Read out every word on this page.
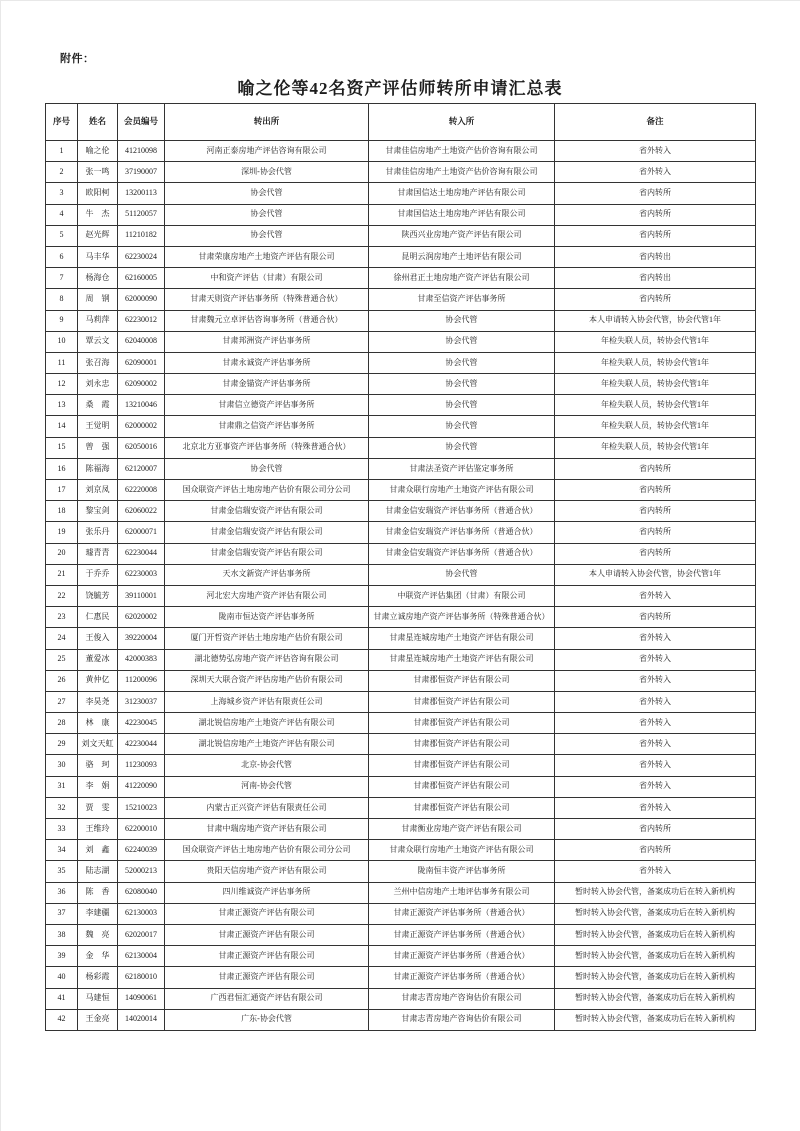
附件：
喻之伦等42名资产评估师转所申请汇总表
序号	姓名	会员编号	转出所	转入所	备注
1	喻之伦	41210098	河南正泰房地产评估咨询有限公司	甘肃佳信房地产土地资产估价咨询有限公司	省外转入
2	张一鸣	37190007	深圳-协会代管	甘肃佳信房地产土地资产估价咨询有限公司	省外转入
3	欧阳柯	13200113	协会代管	甘肃国信达土地房地产评估有限公司	省内转所
4	牛　杰	51120057	协会代管	甘肃国信达土地房地产评估有限公司	省内转所
5	赵光辉	11210182	协会代管	陕西兴业房地产资产评估有限公司	省内转所
6	马丰华	62230024	甘肃荣康房地产土地资产评估有限公司	昆明云润房地产土地评估有限公司	省内转出
7	杨海仓	62160005	中和资产评估（甘肃）有限公司	徐州君正土地房地产资产评估有限公司	省内转出
8	周　钢	62000090	甘肃天则资产评估事务所（特殊普通合伙）	甘肃至信资产评估事务所	省内转所
9	马莉萍	62230012	甘肃魏元立卓评估咨询事务所（普通合伙）	协会代管	本人申请转入协会代管，协会代管1年
10	覃云文	62040008	甘肃邦洲资产评估事务所	协会代管	年检失联人员，转协会代管1年
11	张召海	62090001	甘肃永诚资产评估事务所	协会代管	年检失联人员，转协会代管1年
12	刘永忠	62090002	甘肃金锚资产评估事务所	协会代管	年检失联人员，转协会代管1年
13	桑　霞	13210046	甘肃信立德资产评估事务所	协会代管	年检失联人员，转协会代管1年
14	王觉明	62000002	甘肃鼎之信资产评估事务所	协会代管	年检失联人员，转协会代管1年
15	曾　强	62050016	北京北方亚事资产评估事务所（特殊普通合伙）	协会代管	年检失联人员，转协会代管1年
16	陈福海	62120007	协会代管	甘肃法圣资产评估鉴定事务所	省内转所
17	刘京凤	62220008	国众联资产评估土地房地产估价有限公司分公司	甘肃众联行房地产土地资产评估有限公司	省内转所
18	黎宝剑	62060022	甘肃金信瑞安资产评估有限公司	甘肃金信安瑞资产评估事务所（普通合伙）	省内转所
19	张乐丹	62000071	甘肃金信瑞安资产评估有限公司	甘肃金信安瑞资产评估事务所（普通合伙）	省内转所
20	璩青青	62230044	甘肃金信瑞安资产评估有限公司	甘肃金信安瑞资产评估事务所（普通合伙）	省内转所
21	于乔乔	62230003	天水文新资产评估事务所	协会代管	本人申请转入协会代管，协会代管1年
22	饶毓芳	39110001	河北宏大房地产资产评估有限公司	中联资产评估集团（甘肃）有限公司	省外转入
23	仁惠民	62020002	陇南市恒达资产评估事务所	甘肃立诚房地产资产评估事务所（特殊普通合伙）	省内转所
24	王俊入	39220004	厦门开哲资产评估土地房地产估价有限公司	甘肃星连城房地产土地资产评估有限公司	省外转入
25	董爱冰	42000383	湖北德势弘房地产资产评估咨询有限公司	甘肃星连城房地产土地资产评估有限公司	省外转入
26	黄仲亿	11200096	深圳天大联合资产评估房地产估价有限公司	甘肃郡恒资产评估有限公司	省外转入
27	李昊尧	31230037	上海城乡资产评估有限责任公司	甘肃郡恒资产评估有限公司	省外转入
28	林　康	42230045	湖北锐信房地产土地资产评估有限公司	甘肃郡恒资产评估有限公司	省外转入
29	刘文天虹	42230044	湖北锐信房地产土地资产评估有限公司	甘肃郡恒资产评估有限公司	省外转入
30	骆　珂	11230093	北京-协会代管	甘肃郡恒资产评估有限公司	省外转入
31	李　娟	41220090	河南-协会代管	甘肃郡恒资产评估有限公司	省外转入
32	贾　雯	15210023	内蒙古正兴资产评估有限责任公司	甘肃郡恒资产评估有限公司	省外转入
33	王维玲	62200010	甘肃中瑞房地产资产评估有限公司	甘肃衡业房地产资产评估有限公司	省内转所
34	刘　鑫	62240039	国众联资产评估土地房地产估价有限公司分公司	甘肃众联行房地产土地资产评估有限公司	省内转所
35	陆志湖	52000213	贵阳天信房地产资产评估有限公司	陇南恒丰资产评估事务所	省外转入
36	陈　香	62080040	四川维诚资产评估事务所	兰州中信房地产土地评估事务有限公司	暂时转入协会代管，备案成功后在转入新机构
37	李建疆	62130003	甘肃正源资产评估有限公司	甘肃正源资产评估事务所（普通合伙）	暂时转入协会代管，备案成功后在转入新机构
38	魏　亮	62020017	甘肃正源资产评估有限公司	甘肃正源资产评估事务所（普通合伙）	暂时转入协会代管，备案成功后在转入新机构
39	金　华	62130004	甘肃正源资产评估有限公司	甘肃正源资产评估事务所（普通合伙）	暂时转入协会代管，备案成功后在转入新机构
40	杨彩霞	62180010	甘肃正源资产评估有限公司	甘肃正源资产评估事务所（普通合伙）	暂时转入协会代管，备案成功后在转入新机构
41	马建恒	14090061	广西君恒汇通资产评估有限公司	甘肃志青房地产咨询估价有限公司	暂时转入协会代管，备案成功后在转入新机构
42	王金亮	14020014	广东-协会代管	甘肃志青房地产咨询估价有限公司	暂时转入协会代管，备案成功后在转入新机构
